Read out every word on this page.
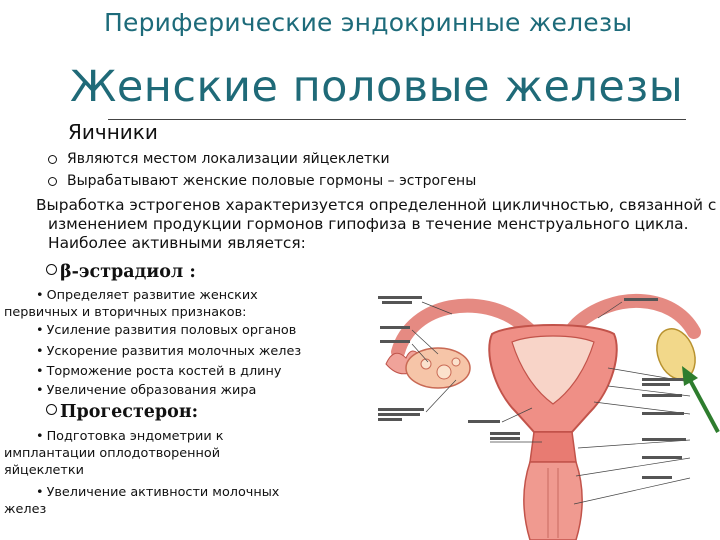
Периферические эндокринные железы
Женские половые железы
Яичники
Являются местом локализации яйцеклетки
Вырабатывают женские половые гормоны – эстрогены
Выработка эстрогенов характеризуется определенной цикличностью, связанной с изменением продукции гормонов гипофиза в течение менструального цикла. Наиболее активными является:
β-эстрадиол :
• Определяет развитие женских
первичных и вторичных признаков:
• Усиление развития половых органов
• Ускорение развития молочных желез
• Торможение роста костей в длину
• Увеличение образования жира
Прогестерон:
• Подготовка эндометрии к
имплантации оплодотворенной
яйцеклетки
• Увеличение активности молочных
желез
